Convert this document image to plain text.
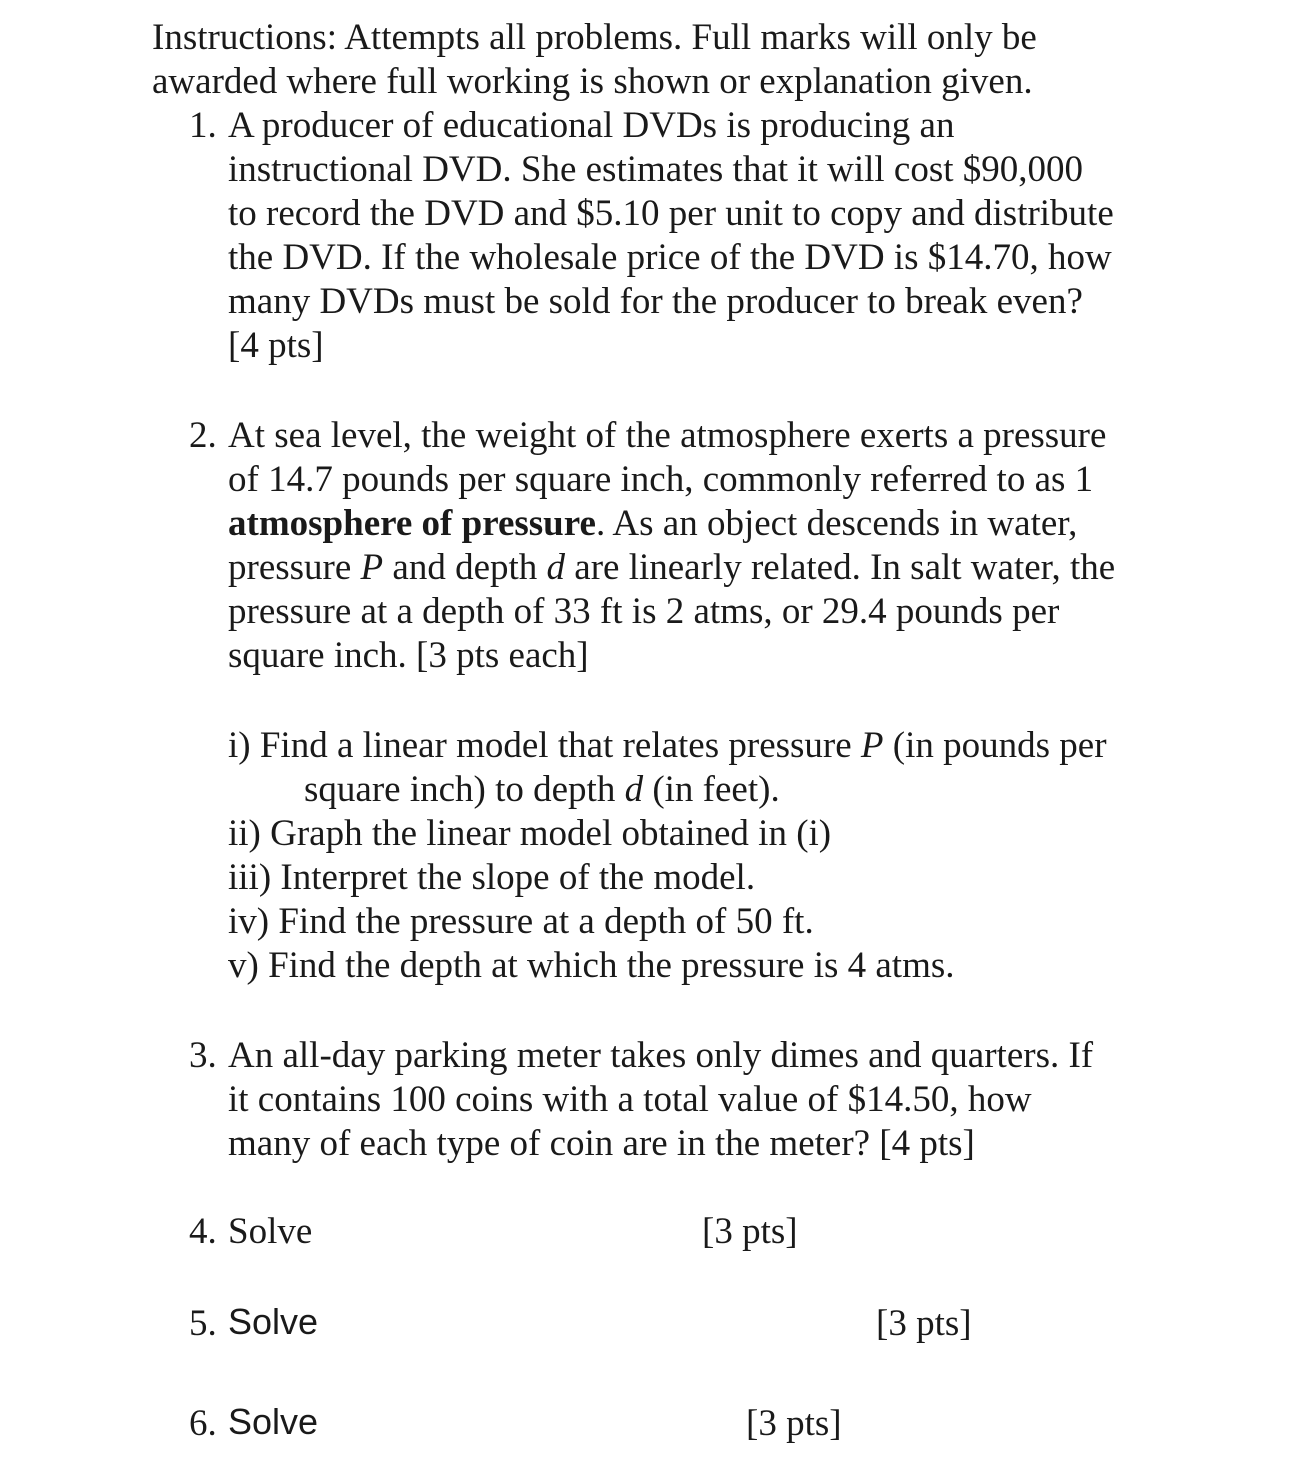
Instructions: Attempts all problems. Full marks will only be
awarded where full working is shown or explanation given.
1. A producer of educational DVDs is producing an
instructional DVD. She estimates that it will cost $90,000
to record the DVD and $5.10 per unit to copy and distribute
the DVD. If the wholesale price of the DVD is $14.70, how
many DVDs must be sold for the producer to break even?
[4 pts]
2. At sea level, the weight of the atmosphere exerts a pressure
of 14.7 pounds per square inch, commonly referred to as 1
atmosphere of pressure. As an object descends in water,
pressure P and depth d are linearly related. In salt water, the
pressure at a depth of 33 ft is 2 atms, or 29.4 pounds per
square inch. [3 pts each]
i) Find a linear model that relates pressure P (in pounds per
square inch) to depth d (in feet).
ii) Graph the linear model obtained in (i)
iii) Interpret the slope of the model.
iv) Find the pressure at a depth of 50 ft.
v) Find the depth at which the pressure is 4 atms.
3. An all-day parking meter takes only dimes and quarters. If
it contains 100 coins with a total value of $14.50, how
many of each type of coin are in the meter? [4 pts]
4. Solve	[3 pts]
5. Solve	[3 pts]
6. Solve	[3 pts]
